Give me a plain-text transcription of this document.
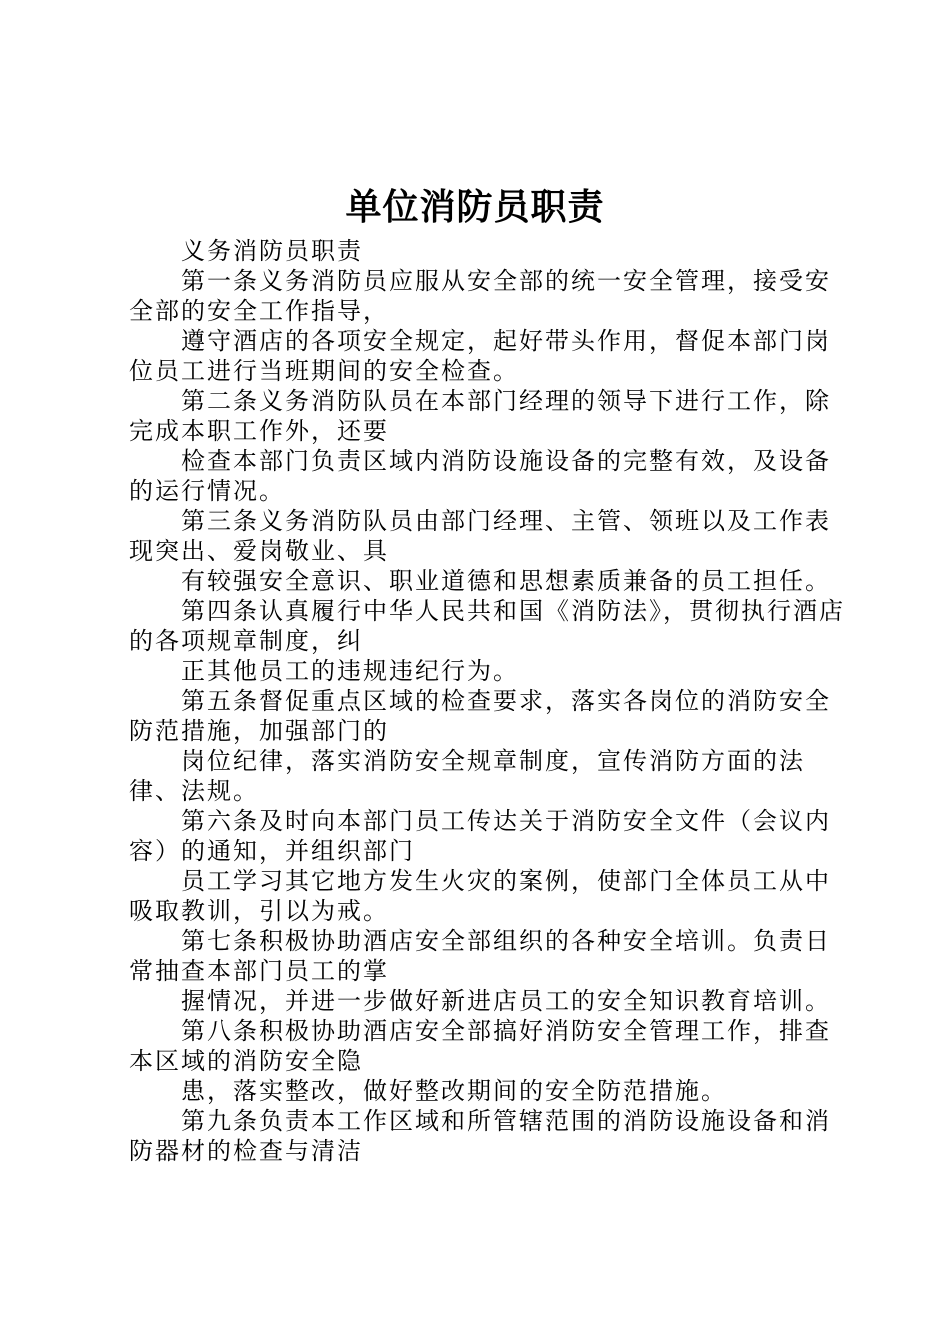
单位消防员职责

义务消防员职责

第一条义务消防员应服从安全部的统一安全管理，接受安全部的安全工作指导，

遵守酒店的各项安全规定，起好带头作用，督促本部门岗位员工进行当班期间的安全检查。

第二条义务消防队员在本部门经理的领导下进行工作，除完成本职工作外，还要

检查本部门负责区域内消防设施设备的完整有效，及设备的运行情况。

第三条义务消防队员由部门经理、主管、领班以及工作表现突出、爱岗敬业、具

有较强安全意识、职业道德和思想素质兼备的员工担任。

第四条认真履行中华人民共和国《消防法》，贯彻执行酒店的各项规章制度，纠

正其他员工的违规违纪行为。

第五条督促重点区域的检查要求，落实各岗位的消防安全防范措施，加强部门的

岗位纪律，落实消防安全规章制度，宣传消防方面的法律、法规。

第六条及时向本部门员工传达关于消防安全文件（会议内容）的通知，并组织部门

员工学习其它地方发生火灾的案例，使部门全体员工从中吸取教训，引以为戒。

第七条积极协助酒店安全部组织的各种安全培训。负责日常抽查本部门员工的掌

握情况，并进一步做好新进店员工的安全知识教育培训。

第八条积极协助酒店安全部搞好消防安全管理工作，排查本区域的消防安全隐

患，落实整改，做好整改期间的安全防范措施。

第九条负责本工作区域和所管辖范围的消防设施设备和消防器材的检查与清洁
